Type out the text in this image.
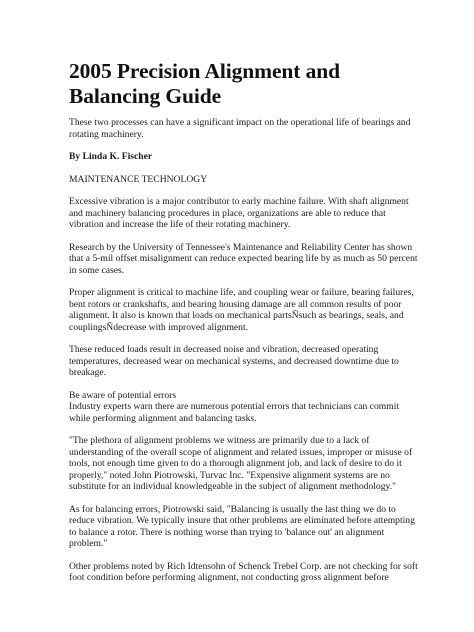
2005 Precision Alignment and Balancing Guide

These two processes can have a significant impact on the operational life of bearings and rotating machinery.

By Linda K. Fischer

MAINTENANCE TECHNOLOGY

Excessive vibration is a major contributor to early machine failure. With shaft alignment and machinery balancing procedures in place, organizations are able to reduce that vibration and increase the life of their rotating machinery.

Research by the University of Tennessee's Maintenance and Reliability Center has shown that a 5-mil offset misalignment can reduce expected bearing life by as much as 50 percent in some cases.

Proper alignment is critical to machine life, and coupling wear or failure, bearing failures, bent rotors or crankshafts, and bearing housing damage are all common results of poor alignment. It also is known that loads on mechanical partsÑsuch as bearings, seals, and couplingsÑdecrease with improved alignment.

These reduced loads result in decreased noise and vibration, decreased operating temperatures, decreased wear on mechanical systems, and decreased downtime due to breakage.

Be aware of potential errors

Industry experts warn there are numerous potential errors that technicians can commit while performing alignment and balancing tasks.

"The plethora of alignment problems we witness are primarily due to a lack of understanding of the overall scope of alignment and related issues, improper or misuse of tools, not enough time given to do a thorough alignment job, and lack of desire to do it properly," noted John Piotrowski, Turvac Inc. "Expensive alignment systems are no substitute for an individual knowledgeable in the subject of alignment methodology."

As for balancing errors, Piotrowski said, "Balancing is usually the last thing we do to reduce vibration. We typically insure that other problems are eliminated before attempting to balance a rotor. There is nothing worse than trying to 'balance out' an alignment problem."

Other problems noted by Rich Idtensohn of Schenck Trebel Corp. are not checking for soft foot condition before performing alignment, not conducting gross alignment before
